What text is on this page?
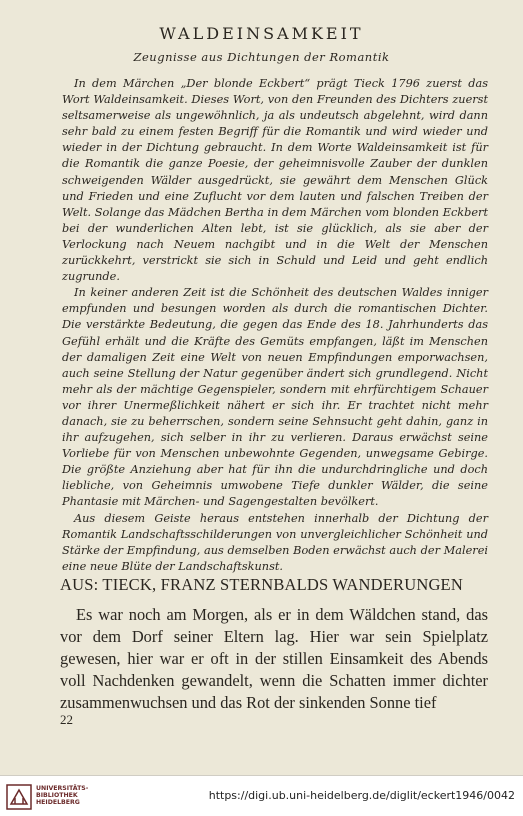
WALDEINSAMKEIT
Zeugnisse aus Dichtungen der Romantik

In dem Märchen „Der blonde Eckbert“ prägt Tieck 1796 zuerst das Wort Waldeinsamkeit. Dieses Wort, von den Freunden des Dichters zuerst seltsamerweise als ungewöhnlich, ja als undeutsch abgelehnt, wird dann sehr bald zu einem festen Begriff für die Romantik und wird wieder und wieder in der Dichtung gebraucht. In dem Worte Waldeinsamkeit ist für die Romantik die ganze Poesie, der geheimnisvolle Zauber der dunklen schweigenden Wälder ausgedrückt, sie gewährt dem Menschen Glück und Frieden und eine Zuflucht vor dem lauten und falschen Treiben der Welt. Solange das Mädchen Bertha in dem Märchen vom blonden Eckbert bei der wunderlichen Alten lebt, ist sie glücklich, als sie aber der Verlockung nach Neuem nachgibt und in die Welt der Menschen zurückkehrt, verstrickt sie sich in Schuld und Leid und geht endlich zugrunde.

In keiner anderen Zeit ist die Schönheit des deutschen Waldes inniger empfunden und besungen worden als durch die romantischen Dichter. Die verstärkte Bedeutung, die gegen das Ende des 18. Jahrhunderts das Gefühl erhält und die Kräfte des Gemüts empfangen, läßt im Menschen der damaligen Zeit eine Welt von neuen Empfindungen emporwachsen, auch seine Stellung der Natur gegenüber ändert sich grundlegend. Nicht mehr als der mächtige Gegenspieler, sondern mit ehrfürchtigem Schauer vor ihrer Unermeßlichkeit nähert er sich ihr. Er trachtet nicht mehr danach, sie zu beherrschen, sondern seine Sehnsucht geht dahin, ganz in ihr aufzugehen, sich selber in ihr zu verlieren. Daraus erwächst seine Vorliebe für von Menschen unbewohnte Gegenden, unwegsame Gebirge. Die größte Anziehung aber hat für ihn die undurchdringliche und doch liebliche, von Geheimnis umwobene Tiefe dunkler Wälder, die seine Phantasie mit Märchen- und Sagengestalten bevölkert.

Aus diesem Geiste heraus entstehen innerhalb der Dichtung der Romantik Landschaftsschilderungen von unvergleichlicher Schönheit und Stärke der Empfindung, aus demselben Boden erwächst auch der Malerei eine neue Blüte der Landschaftskunst.

AUS: TIECK, FRANZ STERNBALDS WANDERUNGEN

Es war noch am Morgen, als er in dem Wäldchen stand, das vor dem Dorf seiner Eltern lag. Hier war sein Spielplatz gewesen, hier war er oft in der stillen Einsamkeit des Abends voll Nachdenken gewandelt, wenn die Schatten immer dichter zusammenwuchsen und das Rot der sinkenden Sonne tief

22
UNIVERSITÄTS-
BIBLIOTHEK
HEIDELBERG
https://digi.ub.uni-heidelberg.de/diglit/eckert1946/0042
